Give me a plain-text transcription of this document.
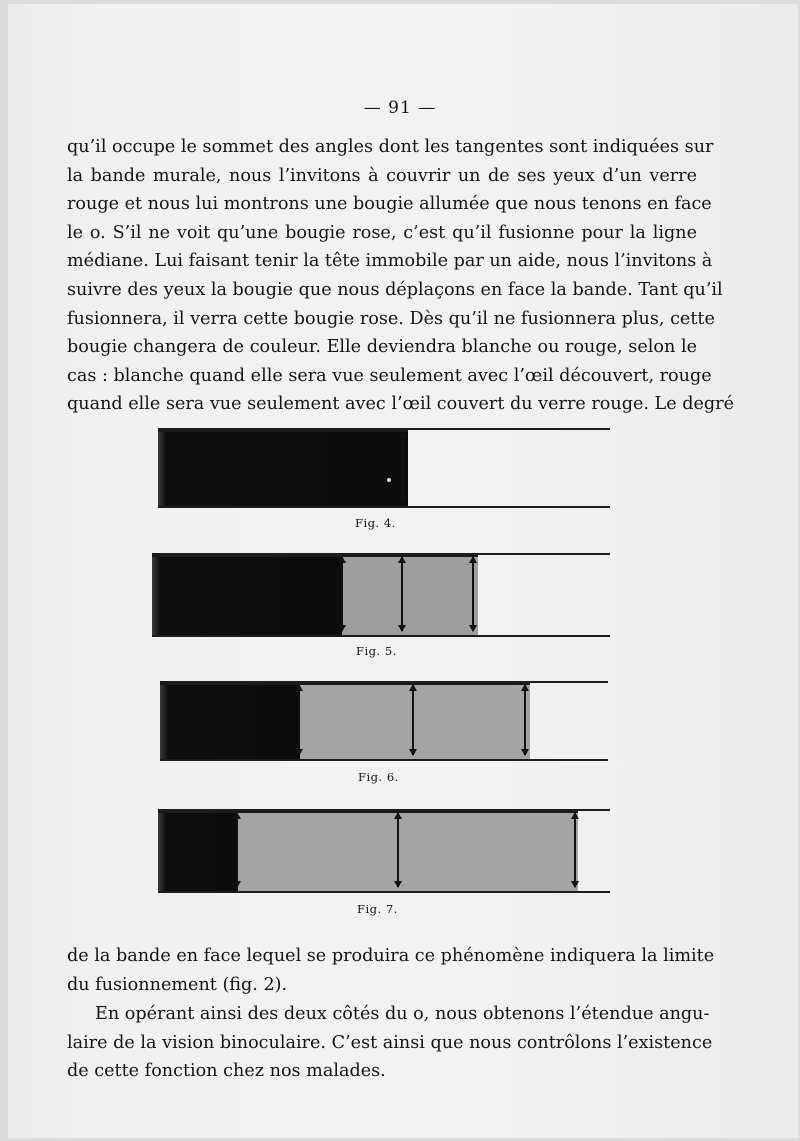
— 91 —

qu’il occupe le sommet des angles dont les tangentes sont indiquées sur
la bande murale, nous l’invitons à couvrir un de ses yeux d’un verre
rouge et nous lui montrons une bougie allumée que nous tenons en face
le o. S’il ne voit qu’une bougie rose, c’est qu’il fusionne pour la ligne
médiane. Lui faisant tenir la tête immobile par un aide, nous l’invitons à
suivre des yeux la bougie que nous déplaçons en face la bande. Tant qu’il
fusionnera, il verra cette bougie rose. Dès qu’il ne fusionnera plus, cette
bougie changera de couleur. Elle deviendra blanche ou rouge, selon le
cas : blanche quand elle sera vue seulement avec l’œil découvert, rouge
quand elle sera vue seulement avec l’œil couvert du verre rouge. Le degré

Fig. 4.
Fig. 5.
Fig. 6.
Fig. 7.

de la bande en face lequel se produira ce phénomène indiquera la limite
du fusionnement (fig. 2).

En opérant ainsi des deux côtés du o, nous obtenons l’étendue angu-
laire de la vision binoculaire. C’est ainsi que nous contrôlons l’existence
de cette fonction chez nos malades.
